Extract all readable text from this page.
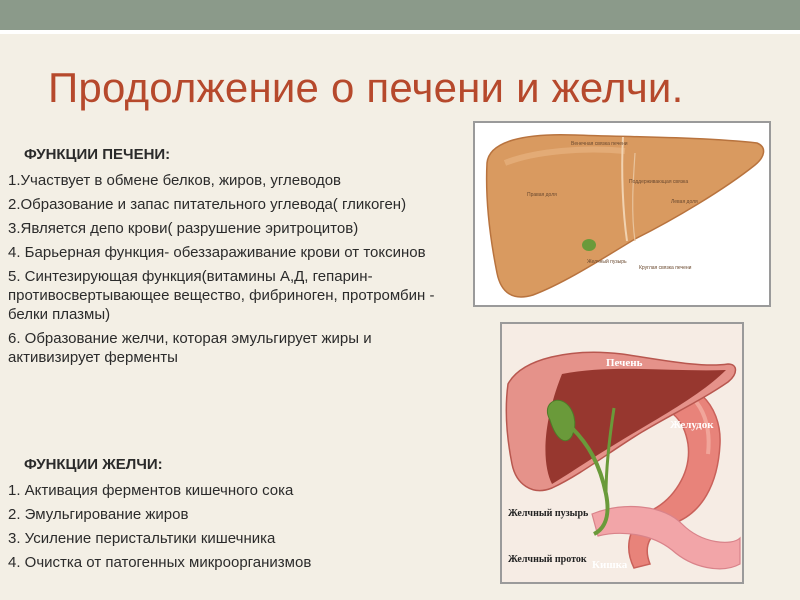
Продолжение о печени и желчи.
ФУНКЦИИ ПЕЧЕНИ:
1.Участвует в обмене белков, жиров, углеводов
2.Образование и запас питательного углевода( гликоген)
3.Является депо крови( разрушение эритроцитов)
4. Барьерная функция- обеззараживание крови от токсинов
5. Синтезирующая функция(витамины А,Д, гепарин- противосвертывающее вещество, фибриноген, протромбин - белки плазмы)
6. Образование желчи, которая эмульгирует жиры и активизирует ферменты
ФУНКЦИИ ЖЕЛЧИ:
1. Активация ферментов кишечного сока
2. Эмульгирование жиров
3. Усиление перистальтики кишечника
4. Очистка от патогенных микроорганизмов
Правая доля
Левая доля
Желчный пузырь
Круглая связка печени
Венечная связка печени
Поддерживающая связка
Печень
Желудок
Желчный пузырь
Желчный проток Кишка
